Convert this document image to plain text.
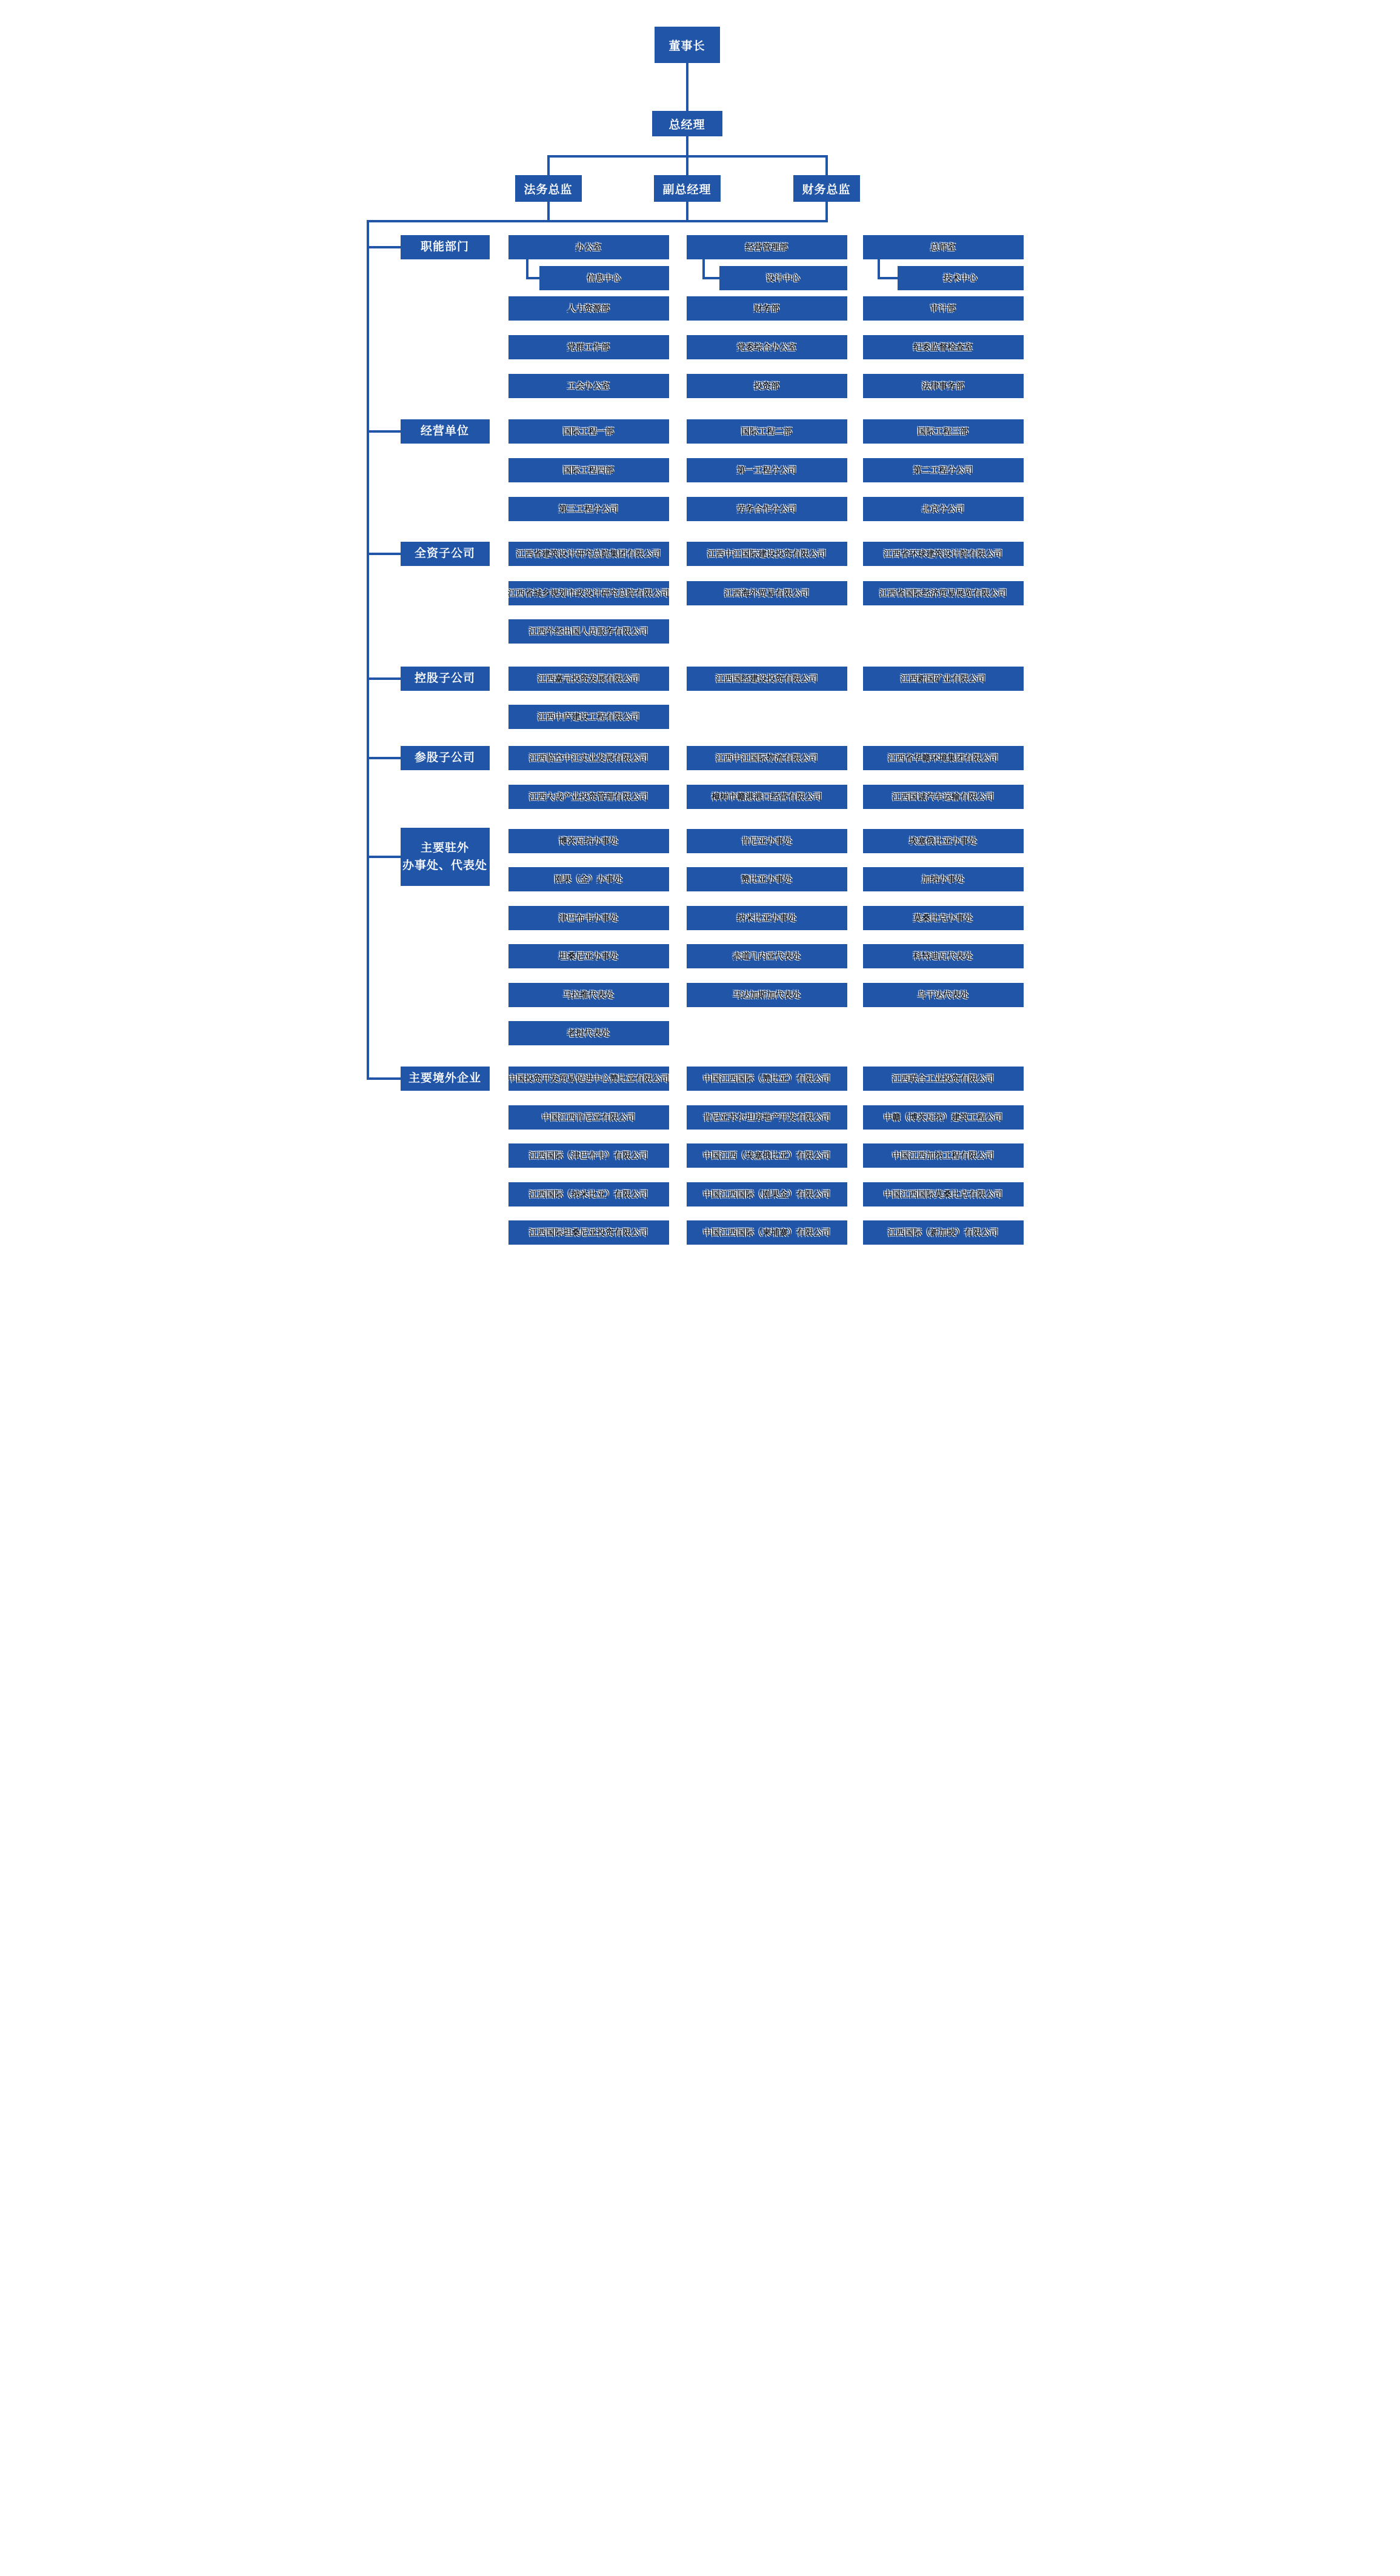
董事长
总经理
法务总监	副总经理	财务总监
职能部门	办公室	经营管理部	总师室
信息中心	设计中心	技术中心
人力资源部	财务部	审计部
党群工作部	党委综合办公室	纪委监督检查室
工会办公室	投资部	法律事务部
经营单位	国际工程一部	国际工程二部	国际工程三部
国际工程四部	第一工程分公司	第二工程分公司
第三工程分公司	劳务合作分公司	北京分公司
全资子公司	江西省建筑设计研究总院集团有限公司	江西中江国际建设投资有限公司	江西省环球建筑设计院有限公司
江西省城乡规划市政设计研究总院有限公司	江西海外贸易有限公司	江西省国际经济贸易展览有限公司
江西外经出国人员服务有限公司
控股子公司	江西嘉元投资发展有限公司	江西国经建设投资有限公司	江西新国矿业有限公司
江西中庐建设工程有限公司
参股子公司	江西临空中江实业发展有限公司	江西中江国际物流有限公司	江西省华赣环境集团有限公司
江西大成产业投资管理有限公司	樟树市赣港港口经营有限公司	江西国诚汽车运输有限公司
主要驻外
办事处、代表处
博茨瓦纳办事处	肯尼亚办事处	埃塞俄比亚办事处
刚果（金）办事处	赞比亚办事处	加纳办事处
津巴布韦办事处	纳米比亚办事处	莫桑比克办事处
坦桑尼亚办事处	赤道几内亚代表处	科特迪瓦代表处
马拉维代表处	马达加斯加代表处	乌干达代表处
老挝代表处
主要境外企业	中国投资开发贸易促进中心赞比亚有限公司	中国江西国际（赞比亚）有限公司	江西联合工业投资有限公司
中国江西肯尼亚有限公司	肯尼亚苏尔坦房地产开发有限公司	中赣（博茨瓦纳）建筑工程公司
江西国际（津巴布韦）有限公司	中国江西（埃塞俄比亚）有限公司	中国江西加纳工程有限公司
江西国际（纳米比亚）有限公司	中国江西国际（刚果金）有限公司	中国江西国际莫桑比克有限公司
江西国际坦桑尼亚投资有限公司	中国江西国际（柬埔寨）有限公司	江西国际（新加坡）有限公司
